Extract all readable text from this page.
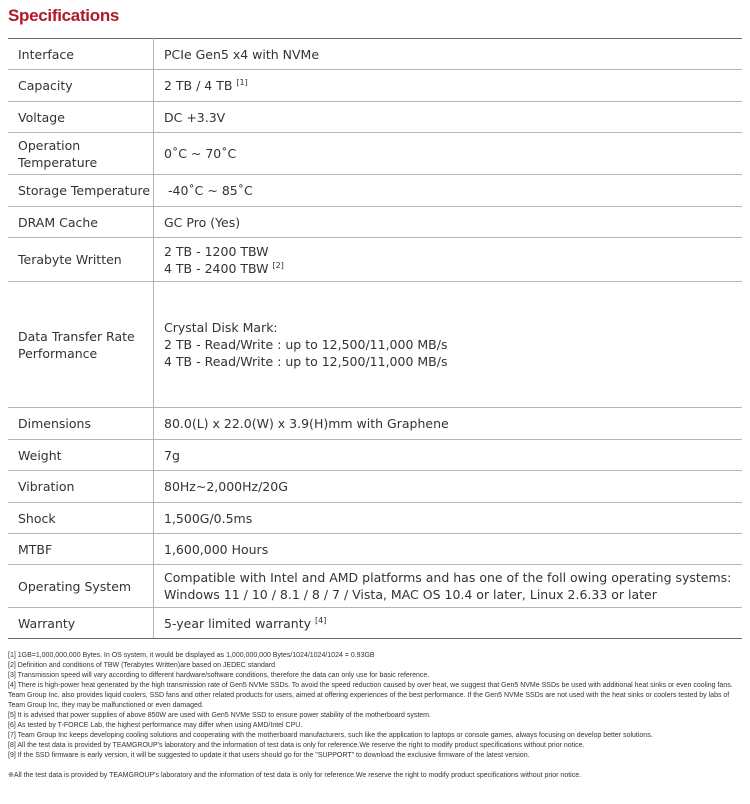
Specifications
Interface	PCIe Gen5 x4 with NVMe

Capacity	2 TB / 4 TB [1]

Voltage	DC +3.3V

Operation Temperature	0˚C ~ 70˚C

Storage Temperature	-40˚C ~ 85˚C

DRAM Cache	GC Pro (Yes)

Terabyte Written	2 TB - 1200 TBW
4 TB - 2400 TBW [2]

Data Transfer Rate Performance	Crystal Disk Mark:
2 TB - Read/Write : up to 12,500/11,000 MB/s
4 TB - Read/Write : up to 12,500/11,000 MB/s

Dimensions	80.0(L) x 22.0(W) x 3.9(H)mm with Graphene

Weight	7g

Vibration	80Hz~2,000Hz/20G

Shock	1,500G/0.5ms

MTBF	1,600,000 Hours

Operating System	Compatible with Intel and AMD platforms and has one of the foll owing operating systems:
Windows 11 / 10 / 8.1 / 8 / 7 / Vista, MAC OS 10.4 or later, Linux 2.6.33 or later

Warranty	5-year limited warranty [4]
[1] 1GB=1,000,000,000 Bytes. In OS system, it would be displayed as 1,000,000,000 Bytes/1024/1024/1024 = 0.93GB
[2] Definition and conditions of TBW (Terabytes Written)are based on JEDEC standard
[3] Transmission speed will vary according to different hardware/software conditions, therefore the data can only use for basic reference.
[4] There is high-power heat generated by the high transmission rate of Gen5 NVMe SSDs. To avoid the speed reduction caused by over heat, we suggest that Gen5 NVMe SSDs be used with additional heat sinks or even cooling fans. Team Group Inc. also provides liquid coolers, SSD fans and other related products for users, aimed at offering experiences of the best performance. If the Gen5 NVMe SSDs are not used with the heat sinks or coolers tested by labs of Team Group Inc, they may be malfunctioned or even damaged.
[5] It is advised that power supplies of above 850W are used with Gen5 NVMe SSD to ensure power stability of the motherboard system.
[6] As tested by T-FORCE Lab, the highest performance may differ when using AMD/Intel CPU.
[7] Team Group Inc keeps developing cooling solutions and cooperating with the motherboard manufacturers, such like the application to laptops or console games, always focusing on develop better solutions.
[8] All the test data is provided by TEAMGROUP's laboratory and the information of test data is only for reference.We reserve the right to modify product specifications without prior notice.
[9] If the SSD firmware is early version, it will be suggested to update it that users should go for the "SUPPORT" to download the exclusive firmware of the latest version.
※All the test data is provided by TEAMGROUP's laboratory and the information of test data is only for reference.We reserve the right to modify product specifications without prior notice.
